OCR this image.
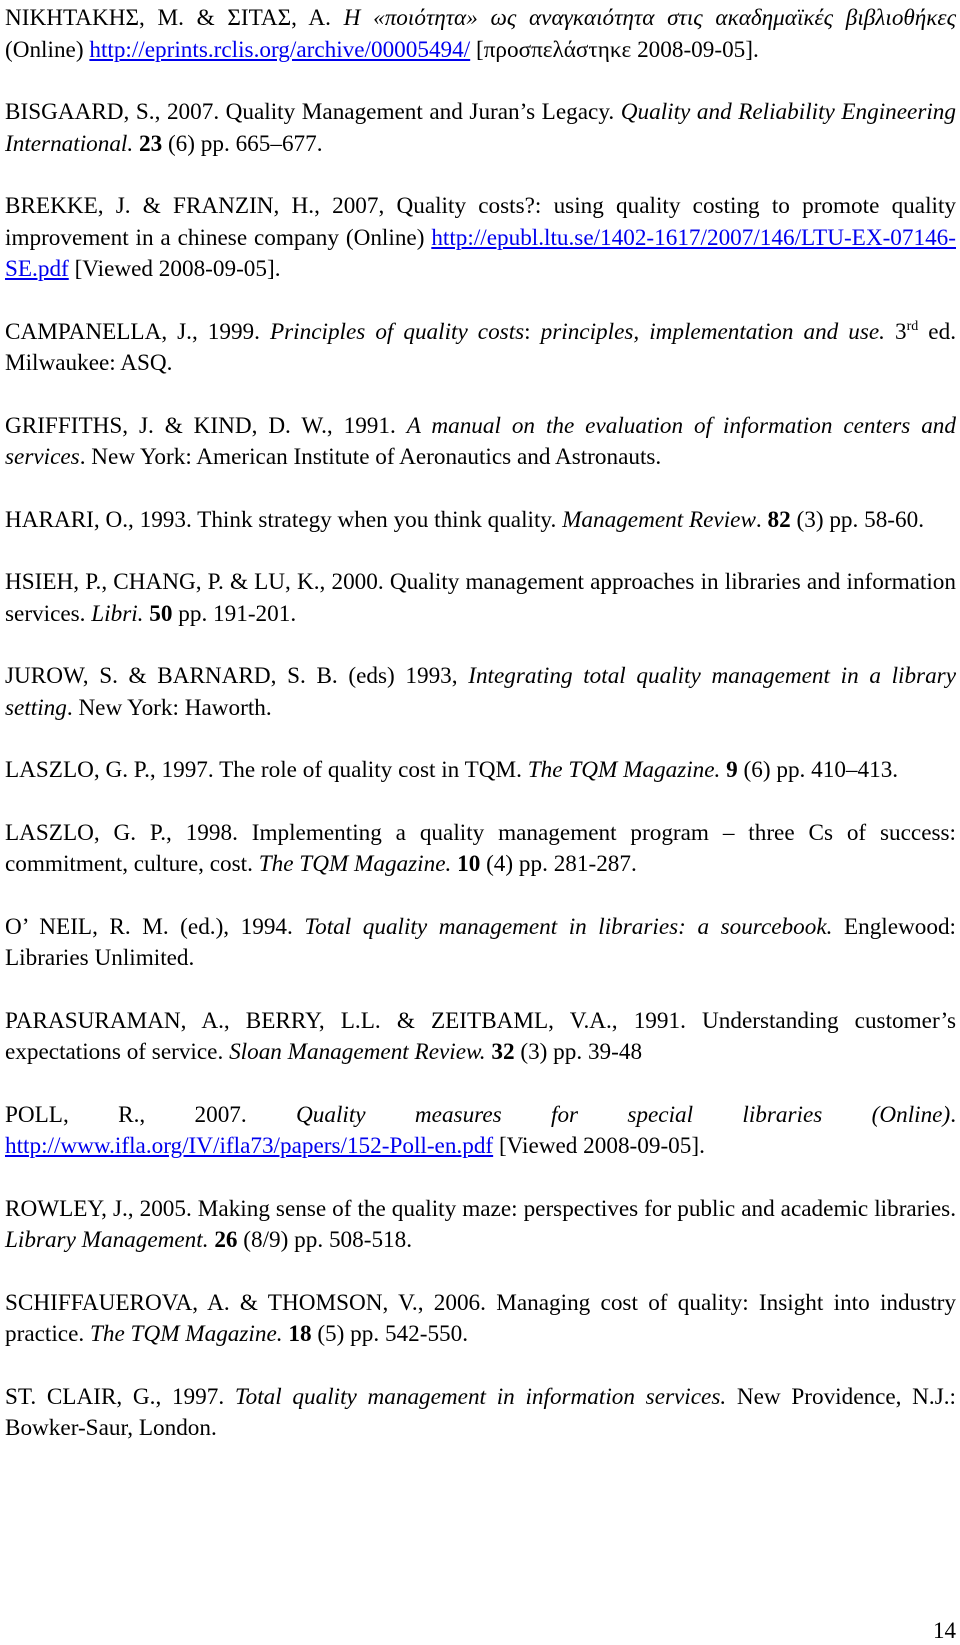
ΝΙΚΗΤΑΚΗΣ, Μ. & ΣΙΤΑΣ, Α. Η «ποιότητα» ως αναγκαιότητα στις ακαδημαϊκές βιβλιοθήκες (Online) http://eprints.rclis.org/archive/00005494/ [προσπελάστηκε 2008-09-05].

BISGAARD, S., 2007. Quality Management and Juran’s Legacy. Quality and Reliability Engineering International. 23 (6) pp. 665–677.

BREKKE, J. & FRANZIN, H., 2007, Quality costs?: using quality costing to promote quality improvement in a chinese company (Online) http://epubl.ltu.se/1402-1617/2007/146/LTU-EX-07146-SE.pdf [Viewed 2008-09-05].

CAMPANELLA, J., 1999. Principles of quality costs: principles, implementation and use. 3rd ed. Milwaukee: ASQ.

GRIFFITHS, J. & KIND, D. W., 1991. A manual on the evaluation of information centers and services. New York: American Institute of Aeronautics and Astronauts.

HARARI, O., 1993. Think strategy when you think quality. Management Review. 82 (3) pp. 58-60.

HSIEH, P., CHANG, P. & LU, K., 2000. Quality management approaches in libraries and information services. Libri. 50 pp. 191-201.

JUROW, S. & BARNARD, S. B. (eds) 1993, Integrating total quality management in a library setting. New York: Haworth.

LASZLO, G. P., 1997. The role of quality cost in TQM. The TQM Magazine. 9 (6) pp. 410–413.

LASZLO, G. P., 1998. Implementing a quality management program – three Cs of success: commitment, culture, cost. The TQM Magazine. 10 (4) pp. 281-287.

O’ NEIL, R. M. (ed.), 1994. Total quality management in libraries: a sourcebook. Englewood: Libraries Unlimited.

PARASURAMAN, A., BERRY, L.L. & ZEITBAML, V.A., 1991. Understanding customer’s expectations of service. Sloan Management Review. 32 (3) pp. 39-48

POLL, R., 2007. Quality measures for special libraries (Online). http://www.ifla.org/IV/ifla73/papers/152-Poll-en.pdf [Viewed 2008-09-05].

ROWLEY, J., 2005. Making sense of the quality maze: perspectives for public and academic libraries. Library Management. 26 (8/9) pp. 508-518.

SCHIFFAUEROVA, A. & THOMSON, V., 2006. Managing cost of quality: Insight into industry practice. The TQM Magazine. 18 (5) pp. 542-550.

ST. CLAIR, G., 1997. Total quality management in information services. New Providence, N.J.: Bowker-Saur, London.

14
